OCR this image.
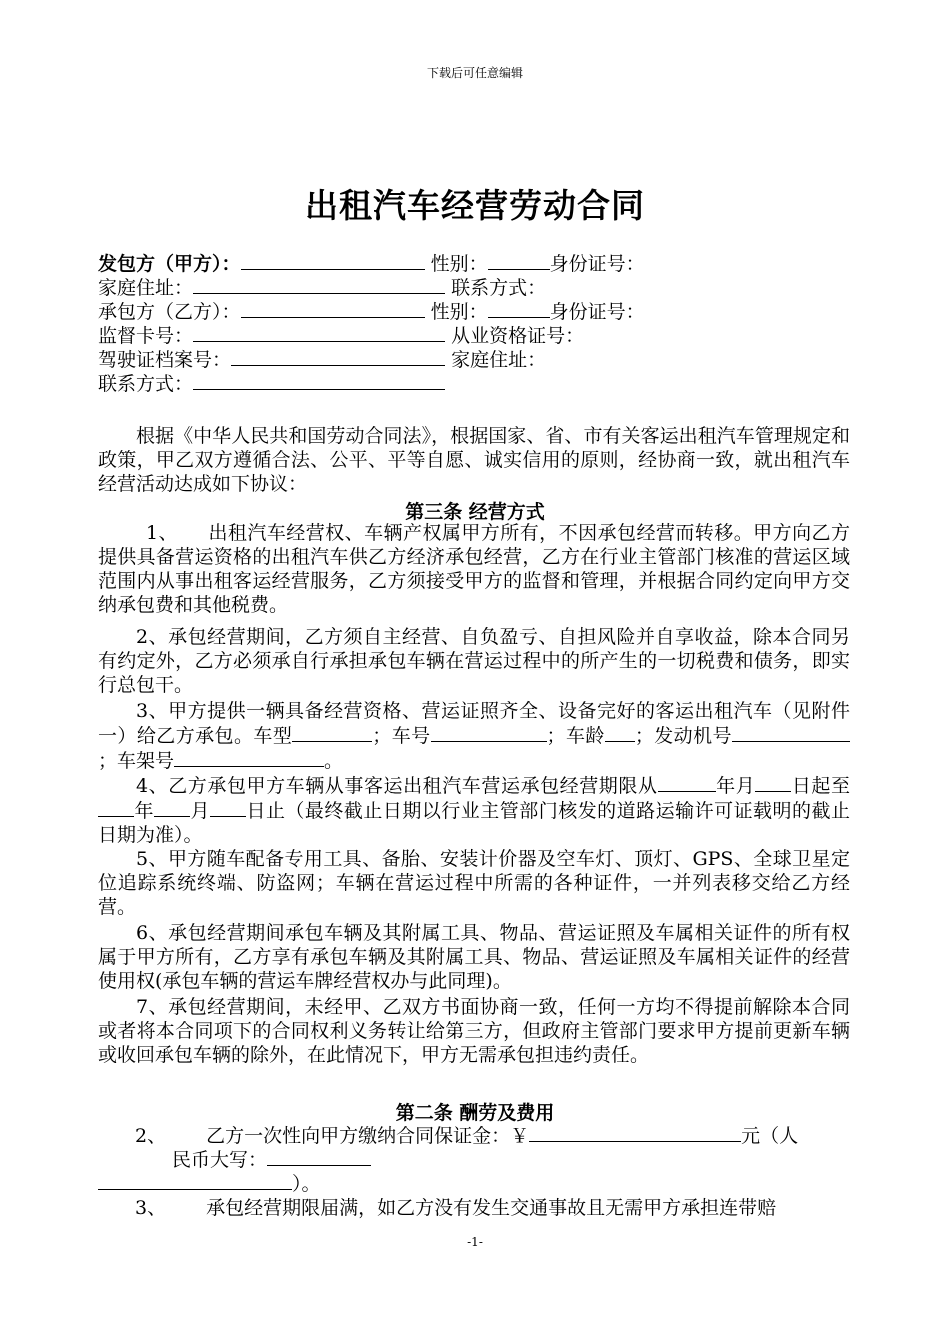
下载后可任意编辑
出租汽车经营劳动合同
发包方（甲方）：	性别：	身份证号：
家庭住址：	联系方式：
承包方（乙方）：	性别：	身份证号：
监督卡号：	从业资格证号：
驾驶证档案号：	家庭住址：
联系方式：
根据《中华人民共和国劳动合同法》，根据国家、省、市有关客运出租汽车管理规定和政策，甲乙双方遵循合法、公平、平等自愿、诚实信用的原则，经协商一致，就出租汽车经营活动达成如下协议：
第三条 经营方式
1、 出租汽车经营权、车辆产权属甲方所有，不因承包经营而转移。甲方向乙方提供具备营运资格的出租汽车供乙方经济承包经营，乙方在行业主管部门核准的营运区域范围内从事出租客运经营服务，乙方须接受甲方的监督和管理，并根据合同约定向甲方交纳承包费和其他税费。
2、承包经营期间，乙方须自主经营、自负盈亏、自担风险并自享收益，除本合同另有约定外，乙方必须承自行承担承包车辆在营运过程中的所产生的一切税费和债务，即实行总包干。
3、甲方提供一辆具备经营资格、营运证照齐全、设备完好的客运出租汽车（见附件一）给乙方承包。车型	；车号	；车龄 ；发动机号；车架号	。
4、乙方承包甲方车辆从事客运出租汽车营运承包经营期限从	年月 日起至年 月 日止（最终截止日期以行业主管部门核发的道路运输许可证载明的截止日期为准）。
5、甲方随车配备专用工具、备胎、安装计价器及空车灯、顶灯、GPS、全球卫星定位追踪系统终端、防盗网；车辆在营运过程中所需的各种证件，一并列表移交给乙方经营。
6、承包经营期间承包车辆及其附属工具、物品、营运证照及车属相关证件的所有权属于甲方所有，乙方享有承包车辆及其附属工具、物品、营运证照及车属相关证件的经营使用权(承包车辆的营运车牌经营权办与此同理)。
7、承包经营期间，未经甲、乙双方书面协商一致，任何一方均不得提前解除本合同或者将本合同项下的合同权利义务转让给第三方，但政府主管部门要求甲方提前更新车辆或收回承包车辆的除外，在此情况下，甲方无需承包担违约责任。
第二条 酬劳及费用
2、 乙方一次性向甲方缴纳合同保证金：￥	元（人
民币大写：
）。
3、 承包经营期限届满，如乙方没有发生交通事故且无需甲方承担连带赔
-1-
